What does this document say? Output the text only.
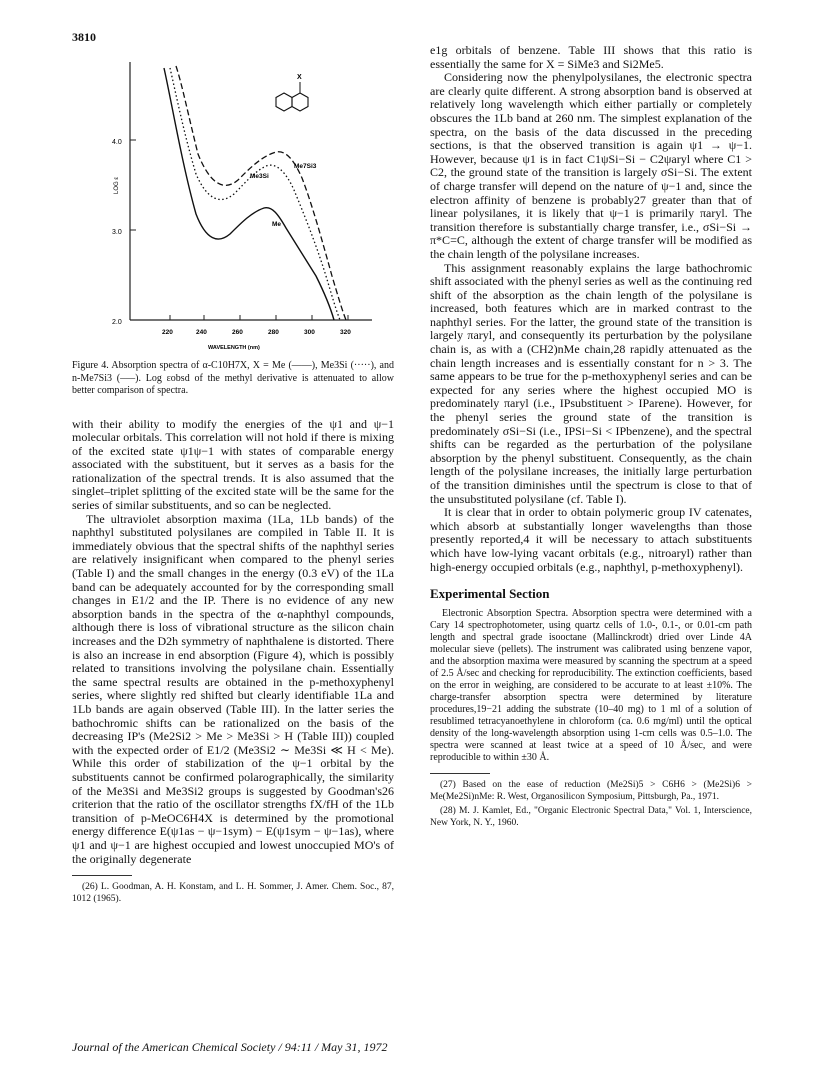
3810
4.0
3.0
2.0
LOG ε
220	240	260	280	300	320
WAVELENGTH (nm)
Me7Si3
Me3Si
Me
X
Figure 4. Absorption spectra of α-C10H7X, X = Me (——), Me3Si (·····), and n-Me7Si3 (–––). Log εobsd of the methyl derivative is attenuated to allow better comparison of spectra.

with their ability to modify the energies of the ψ1 and ψ−1 molecular orbitals. This correlation will not hold if there is mixing of the excited state ψ1ψ−1 with states of comparable energy associated with the substituent, but it serves as a basis for the rationalization of the spectral trends. It is also assumed that the singlet–triplet splitting of the excited state will be the same for the series of similar substituents, and so can be neglected.

The ultraviolet absorption maxima (1La, 1Lb bands) of the naphthyl substituted polysilanes are compiled in Table II. It is immediately obvious that the spectral shifts of the naphthyl series are relatively insignificant when compared to the phenyl series (Table I) and the small changes in the energy (0.3 eV) of the 1La band can be adequately accounted for by the corresponding small changes in E1/2 and the IP. There is no evidence of any new absorption bands in the spectra of the α-naphthyl compounds, although there is loss of vibrational structure as the silicon chain increases and the D2h symmetry of naphthalene is distorted. There is also an increase in end absorption (Figure 4), which is possibly related to transitions involving the polysilane chain. Essentially the same spectral results are obtained in the p-methoxyphenyl series, where slightly red shifted but clearly identifiable 1La and 1Lb bands are again observed (Table III). In the latter series the bathochromic shifts can be rationalized on the basis of the decreasing IP's (Me2Si2 > Me > Me3Si > H (Table III)) coupled with the expected order of E1/2 (Me3Si2 ∼ Me3Si ≪ H < Me). While this order of stabilization of the ψ−1 orbital by the substituents cannot be confirmed polarographically, the similarity of the Me3Si and Me3Si2 groups is suggested by Goodman's26 criterion that the ratio of the oscillator strengths fX/fH of the 1Lb transition of p-MeOC6H4X is determined by the promotional energy difference E(ψ1as − ψ−1sym) − E(ψ1sym − ψ−1as), where ψ1 and ψ−1 are highest occupied and lowest unoccupied MO's of the originally degenerate

(26) L. Goodman, A. H. Konstam, and L. H. Sommer, J. Amer. Chem. Soc., 87, 1012 (1965).

e1g orbitals of benzene. Table III shows that this ratio is essentially the same for X = SiMe3 and Si2Me5.

Considering now the phenylpolysilanes, the electronic spectra are clearly quite different. A strong absorption band is observed at relatively long wavelength which either partially or completely obscures the 1Lb band at 260 nm. The simplest explanation of the spectra, on the basis of the data discussed in the preceding sections, is that the observed transition is again ψ1 → ψ−1. However, because ψ1 is in fact C1ψSi−Si − C2ψaryl where C1 > C2, the ground state of the transition is largely σSi−Si. The extent of charge transfer will depend on the nature of ψ−1 and, since the electron affinity of benzene is probably27 greater than that of linear polysilanes, it is likely that ψ−1 is primarily πaryl. The transition therefore is substantially charge transfer, i.e., σSi−Si → π*C=C, although the extent of charge transfer will be modified as the chain length of the polysilane increases.

This assignment reasonably explains the large bathochromic shift associated with the phenyl series as well as the continuing red shift of the absorption as the chain length of the polysilane is increased, both features which are in marked contrast to the naphthyl series. For the latter, the ground state of the transition is largely πaryl, and consequently its perturbation by the polysilane chain is, as with a (CH2)nMe chain,28 rapidly attenuated as the chain length increases and is essentially constant for n > 3. The same appears to be true for the p-methoxyphenyl series and can be expected for any series where the highest occupied MO is predominately πaryl (i.e., IPsubstituent > IParene). However, for the phenyl series the ground state of the transition is predominately σSi−Si (i.e., IPSi−Si < IPbenzene), and the spectral shifts can be regarded as the perturbation of the polysilane absorption by the phenyl substituent. Consequently, as the chain length of the polysilane increases, the initially large perturbation of the transition diminishes until the spectrum is close to that of the unsubstituted polysilane (cf. Table I).

It is clear that in order to obtain polymeric group IV catenates, which absorb at substantially longer wavelengths than those presently reported,4 it will be necessary to attach substituents which have low-lying vacant orbitals (e.g., nitroaryl) rather than high-energy occupied orbitals (e.g., naphthyl, p-methoxyphenyl).

Experimental Section

Electronic Absorption Spectra. Absorption spectra were determined with a Cary 14 spectrophotometer, using quartz cells of 1.0-, 0.1-, or 0.01-cm path length and spectral grade isooctane (Mallinckrodt) dried over Linde 4A molecular sieve (pellets). The instrument was calibrated using benzene vapor, and the absorption maxima were measured by scanning the spectrum at a speed of 2.5 Å/sec and checking for reproducibility. The extinction coefficients, based on the error in weighing, are considered to be accurate to at least ±10%. The charge-transfer absorption spectra were determined by literature procedures,19−21 adding the substrate (10–40 mg) to 1 ml of a solution of resublimed tetracyanoethylene in chloroform (ca. 0.6 mg/ml) until the optical density of the long-wavelength absorption using 1-cm cells was 0.5–1.0. The spectra were scanned at least twice at a speed of 10 Å/sec, and were reproducible to within ±30 Å.

(27) Based on the ease of reduction (Me2Si)5 > C6H6 > (Me2Si)6 > Me(Me2Si)nMe: R. West, Organosilicon Symposium, Pittsburgh, Pa., 1971.

(28) M. J. Kamlet, Ed., "Organic Electronic Spectral Data," Vol. 1, Interscience, New York, N. Y., 1960.

Journal of the American Chemical Society / 94:11 / May 31, 1972
